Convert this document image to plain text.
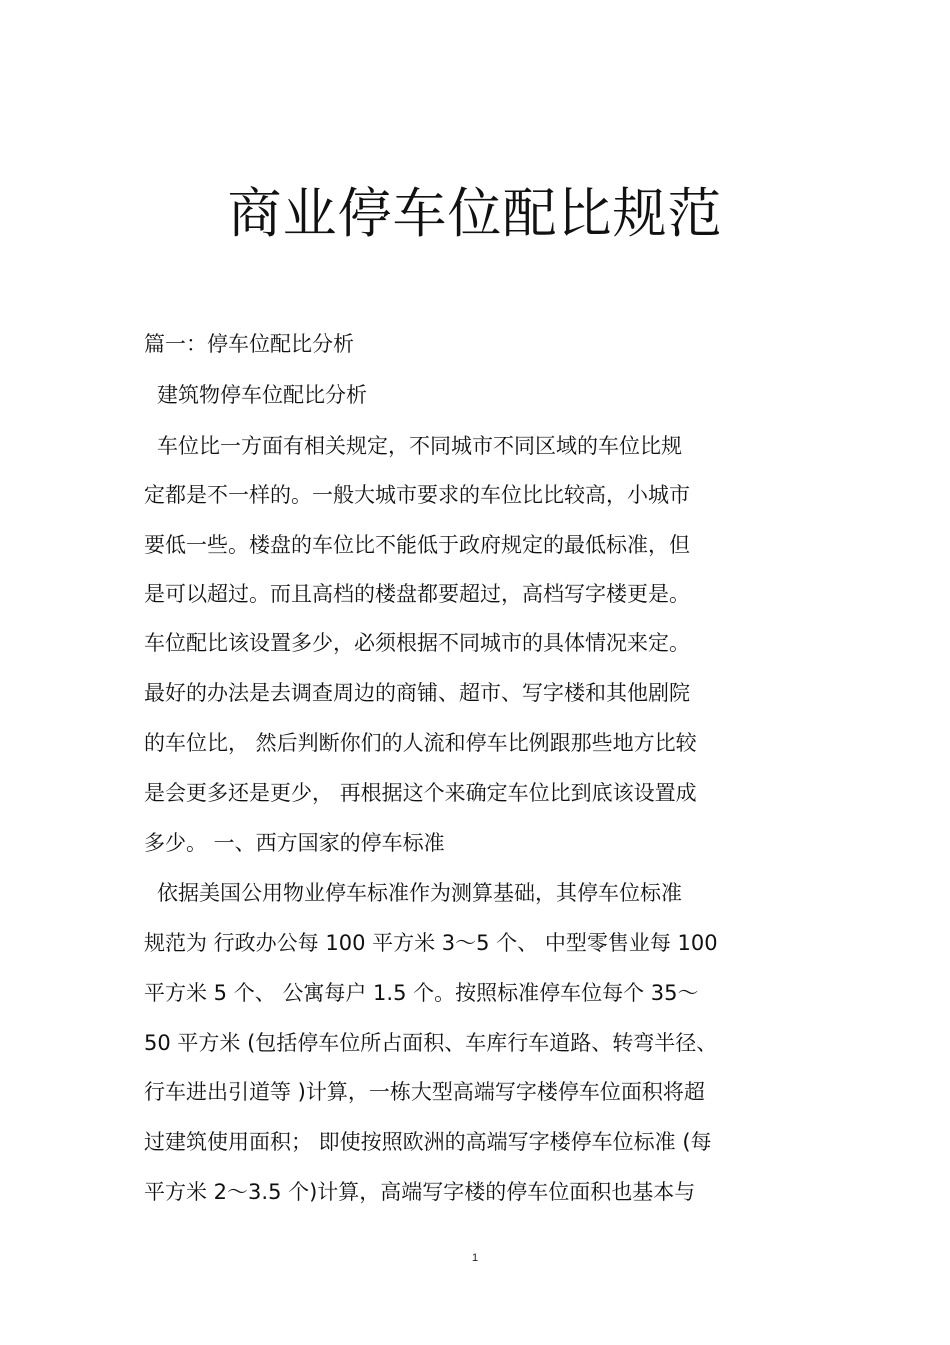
商业停车位配比规范
篇一：停车位配比分析
建筑物停车位配比分析
车位比一方面有相关规定，不同城市不同区域的车位比规
定都是不一样的。一般大城市要求的车位比比较高，小城市
要低一些。楼盘的车位比不能低于政府规定的最低标准，但
是可以超过。而且高档的楼盘都要超过，高档写字楼更是。
车位配比该设置多少，必须根据不同城市的具体情况来定。
最好的办法是去调查周边的商铺、超市、写字楼和其他剧院
的车位比， 然后判断你们的人流和停车比例跟那些地方比较
是会更多还是更少， 再根据这个来确定车位比到底该设置成
多少。 一、西方国家的停车标准
依据美国公用物业停车标准作为测算基础，其停车位标准
规范为 行政办公每 100 平方米 3～5 个、 中型零售业每 100
平方米 5 个、 公寓每户 1.5 个。按照标准停车位每个 35～
50 平方米 (包括停车位所占面积、车库行车道路、转弯半径、
行车进出引道等 )计算，一栋大型高端写字楼停车位面积将超
过建筑使用面积； 即使按照欧洲的高端写字楼停车位标准 (每
平方米 2～3.5 个)计算，高端写字楼的停车位面积也基本与
1
